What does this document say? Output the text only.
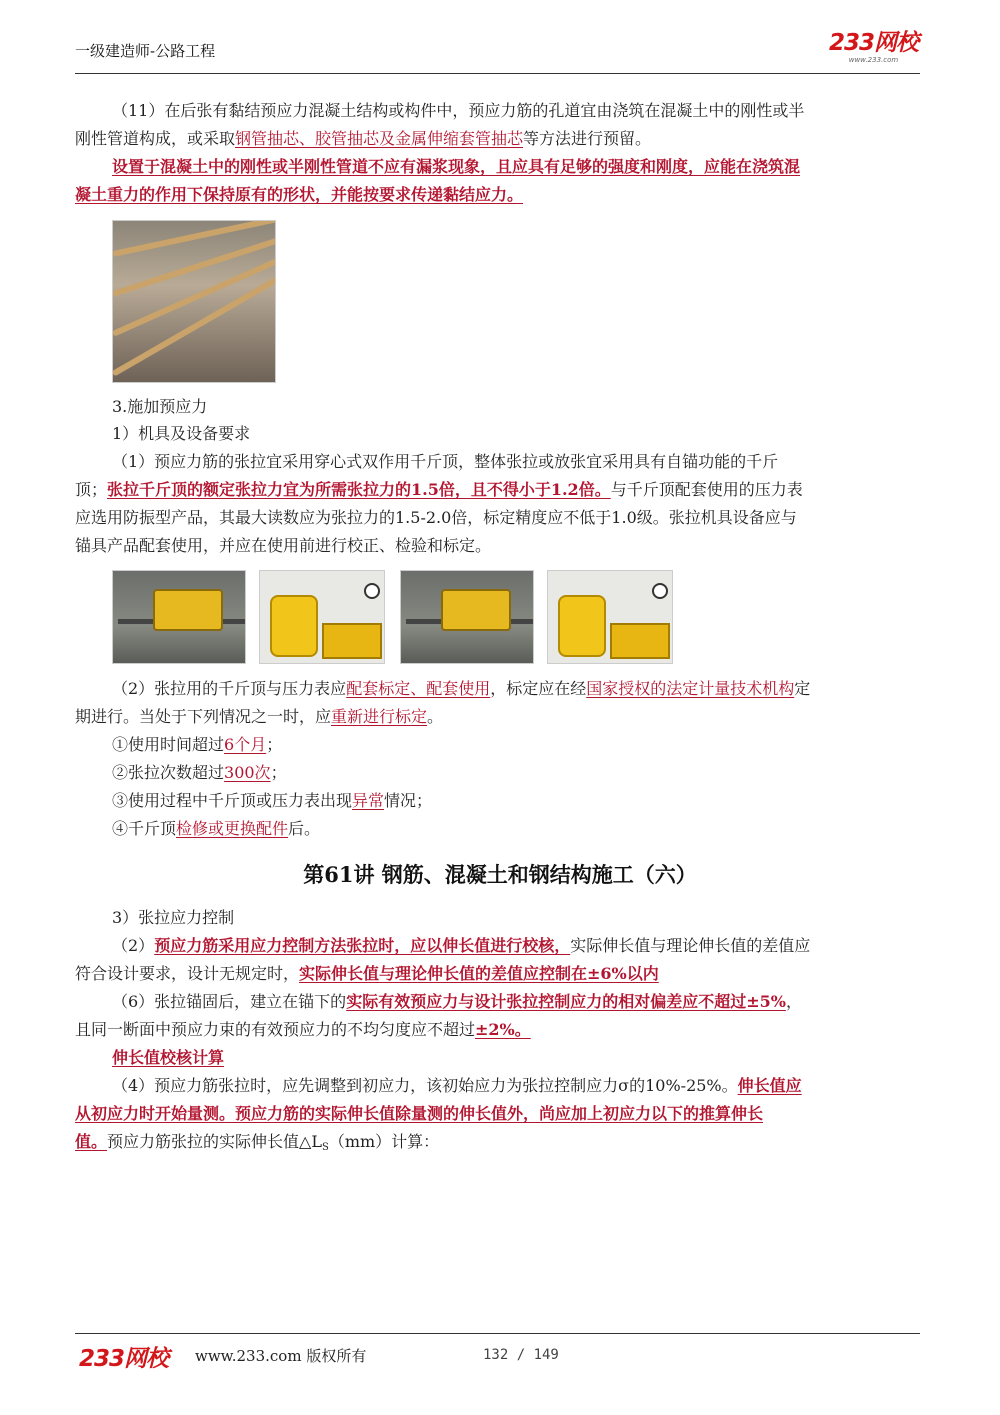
一级建造师-公路工程	233网校
www.233.com
（11）在后张有黏结预应力混凝土结构或构件中，预应力筋的孔道宜由浇筑在混凝土中的刚性或半
刚性管道构成，或采取钢管抽芯、胶管抽芯及金属伸缩套管抽芯等方法进行预留。
设置于混凝土中的刚性或半刚性管道不应有漏浆现象，且应具有足够的强度和刚度，应能在浇筑混
凝土重力的作用下保持原有的形状，并能按要求传递黏结应力。
3.施加预应力
1）机具及设备要求
（1）预应力筋的张拉宜采用穿心式双作用千斤顶，整体张拉或放张宜采用具有自锚功能的千斤
顶；张拉千斤顶的额定张拉力宜为所需张拉力的1.5倍，且不得小于1.2倍。与千斤顶配套使用的压力表
应选用防振型产品，其最大读数应为张拉力的1.5-2.0倍，标定精度应不低于1.0级。张拉机具设备应与
锚具产品配套使用，并应在使用前进行校正、检验和标定。
（2）张拉用的千斤顶与压力表应配套标定、配套使用，标定应在经国家授权的法定计量技术机构定
期进行。当处于下列情况之一时，应重新进行标定。
①使用时间超过6个月；
②张拉次数超过300次；
③使用过程中千斤顶或压力表出现异常情况；
④千斤顶检修或更换配件后。
第61讲 钢筋、混凝土和钢结构施工（六）
3）张拉应力控制
（2）预应力筋采用应力控制方法张拉时，应以伸长值进行校核，实际伸长值与理论伸长值的差值应
符合设计要求，设计无规定时，实际伸长值与理论伸长值的差值应控制在±6%以内
（6）张拉锚固后，建立在锚下的实际有效预应力与设计张拉控制应力的相对偏差应不超过±5%，
且同一断面中预应力束的有效预应力的不均匀度应不超过±2%。
伸长值校核计算
（4）预应力筋张拉时，应先调整到初应力，该初始应力为张拉控制应力σ的10%-25%。伸长值应
从初应力时开始量测。预应力筋的实际伸长值除量测的伸长值外，尚应加上初应力以下的推算伸长
值。预应力筋张拉的实际伸长值$\triangle L_S(mm)$计算：
233网校 www.233.com 版权所有	132 / 149
